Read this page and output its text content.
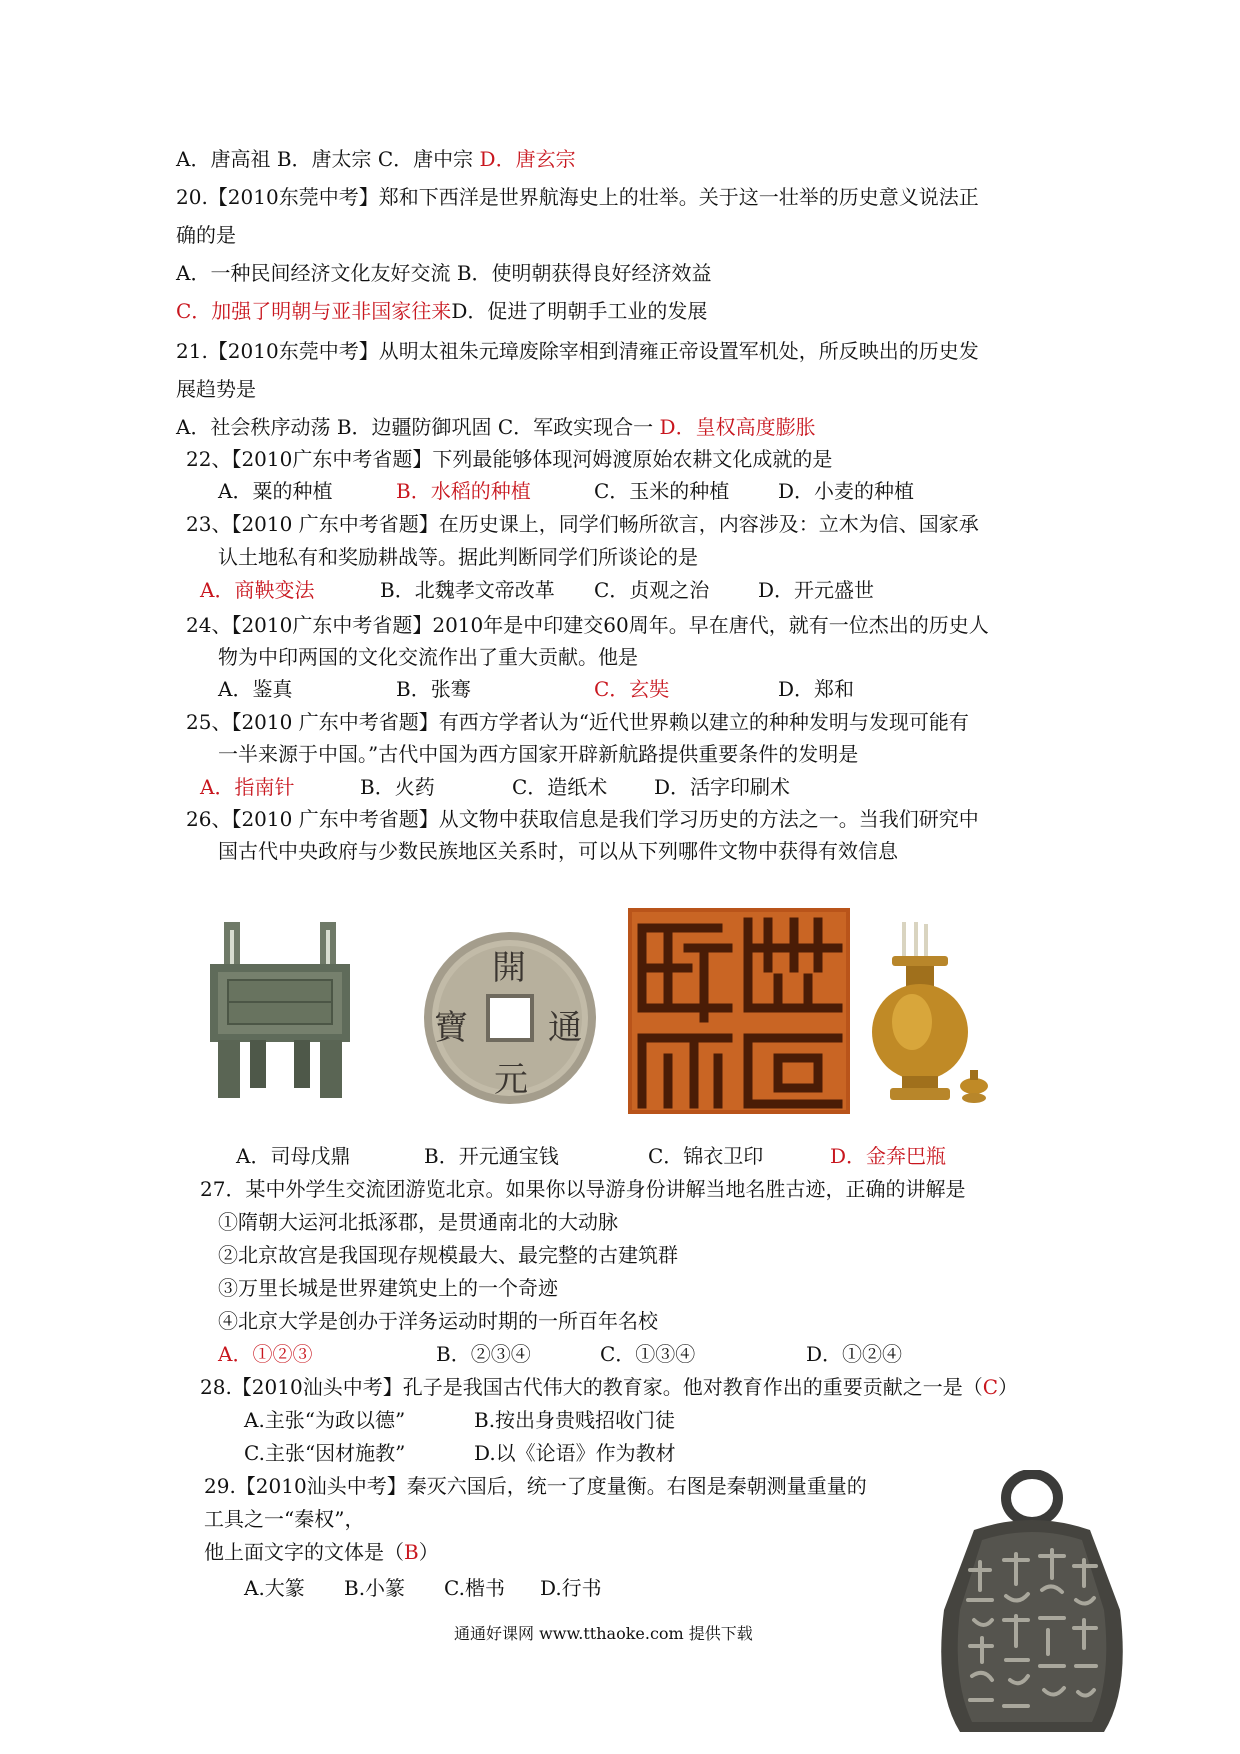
A．唐高祖 B．唐太宗 C．唐中宗 D．唐玄宗
20.【2010东莞中考】郑和下西洋是世界航海史上的壮举。关于这一壮举的历史意义说法正
确的是
A．一种民间经济文化友好交流 B．使明朝获得良好经济效益
C．加强了明朝与亚非国家往来D．促进了明朝手工业的发展
21.【2010东莞中考】从明太祖朱元璋废除宰相到清雍正帝设置军机处，所反映出的历史发
展趋势是
A．社会秩序动荡 B．边疆防御巩固 C．军政实现合一 D．皇权高度膨胀
22、【2010广东中考省题】下列最能够体现河姆渡原始农耕文化成就的是
A．粟的种植	B．水稻的种植	C．玉米的种植 D．小麦的种植
23、【2010 广东中考省题】在历史课上，同学们畅所欲言，内容涉及：立木为信、国家承
认土地私有和奖励耕战等。据此判断同学们所谈论的是
A．商鞅变法	B．北魏孝文帝改革 C．贞观之治 D．开元盛世
24、【2010广东中考省题】2010年是中印建交60周年。早在唐代，就有一位杰出的历史人
物为中印两国的文化交流作出了重大贡献。他是
A．鉴真	B．张骞	C．玄奘	D．郑和
25、【2010 广东中考省题】有西方学者认为“近代世界赖以建立的种种发明与发现可能有
一半来源于中国。”古代中国为西方国家开辟新航路提供重要条件的发明是
A．指南针	B．火药	C．造纸术 D．活字印刷术
26、【2010 广东中考省题】从文物中获取信息是我们学习历史的方法之一。当我们研究中
国古代中央政府与少数民族地区关系时，可以从下列哪件文物中获得有效信息
開
元
寶 通
A．司母戊鼎	B．开元通宝钱	C．锦衣卫印	D．金奔巴瓶
27．某中外学生交流团游览北京。如果你以导游身份讲解当地名胜古迹，正确的讲解是
①隋朝大运河北抵涿郡，是贯通南北的大动脉
②北京故宫是我国现存规模最大、最完整的古建筑群
③万里长城是世界建筑史上的一个奇迹
④北京大学是创办于洋务运动时期的一所百年名校
A．①②③	B．②③④	C．①③④	D．①②④
28.【2010汕头中考】孔子是我国古代伟大的教育家。他对教育作出的重要贡献之一是（C）
A.主张“为政以德”	B.按出身贵贱招收门徒
C.主张“因材施教”	D.以《论语》作为教材
29.【2010汕头中考】秦灭六国后，统一了度量衡。右图是秦朝测量重量的
工具之一“秦权”，
他上面文字的文体是（B）
A.大篆 B.小篆 C.楷书 D.行书
通通好课网 www.tthaoke.com 提供下载
